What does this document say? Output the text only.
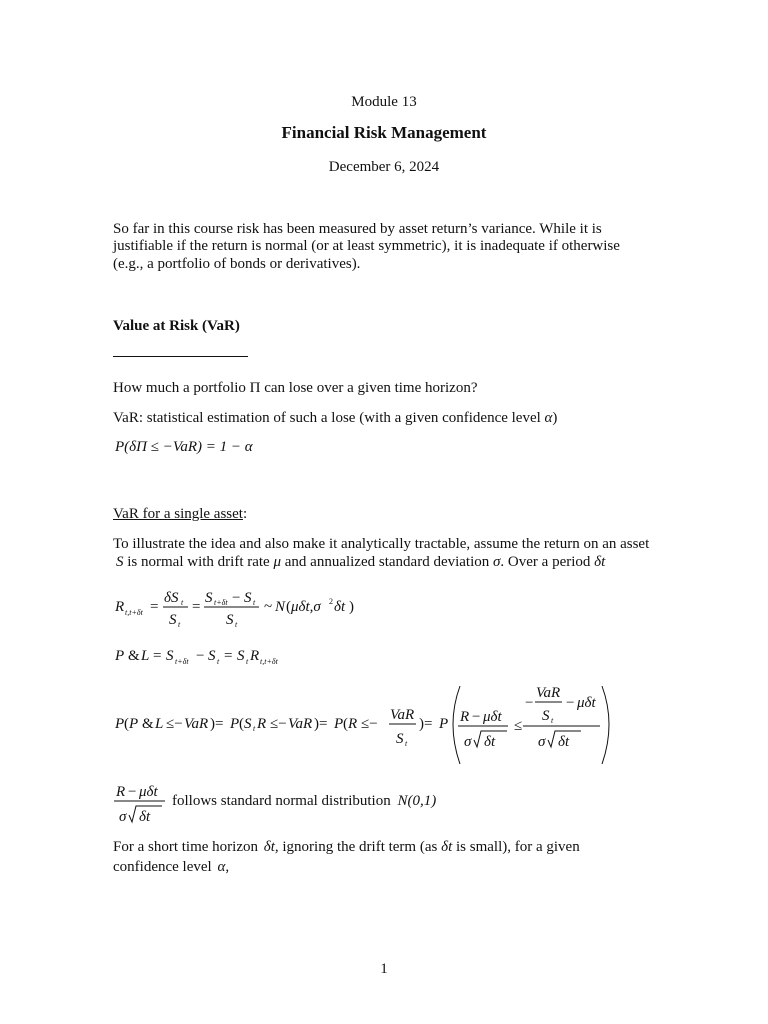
Module 13
Financial Risk Management
December 6, 2024
So far in this course risk has been measured by asset return’s variance. While it is
justifiable if the return is normal (or at least symmetric), it is inadequate if otherwise
(e.g., a portfolio of bonds or derivatives).
Value at Risk (VaR)
How much a portfolio Π can lose over a given time horizon?
VaR: statistical estimation of such a lose (with a given confidence level α)
P(δΠ ≤ −VaR) = 1 − α
VaR for a single asset:
To illustrate the idea and also make it analytically tractable, assume the return on an asset
S is normal with drift rate μ and annualized standard deviation σ. Over a period δt
R t,t+δt =
δS t
S t
=
S t+δt − S t
S t
~ N ( μδt,σ 2 δt )
P & L = S t+δt − S t = S t R t,t+δt
P ( P & L ≤− VaR )= P ( S t R ≤− VaR )= P ( R ≤−
VaR
S t
)= P R − μδt
σ δt
≤
−
VaR
S t
− μδt
σ δt
R − μδt
σ δt
follows standard normal distribution N(0,1)
For a short time horizon δt, ignoring the drift term (as δt is small), for a given
confidence level α,
1
